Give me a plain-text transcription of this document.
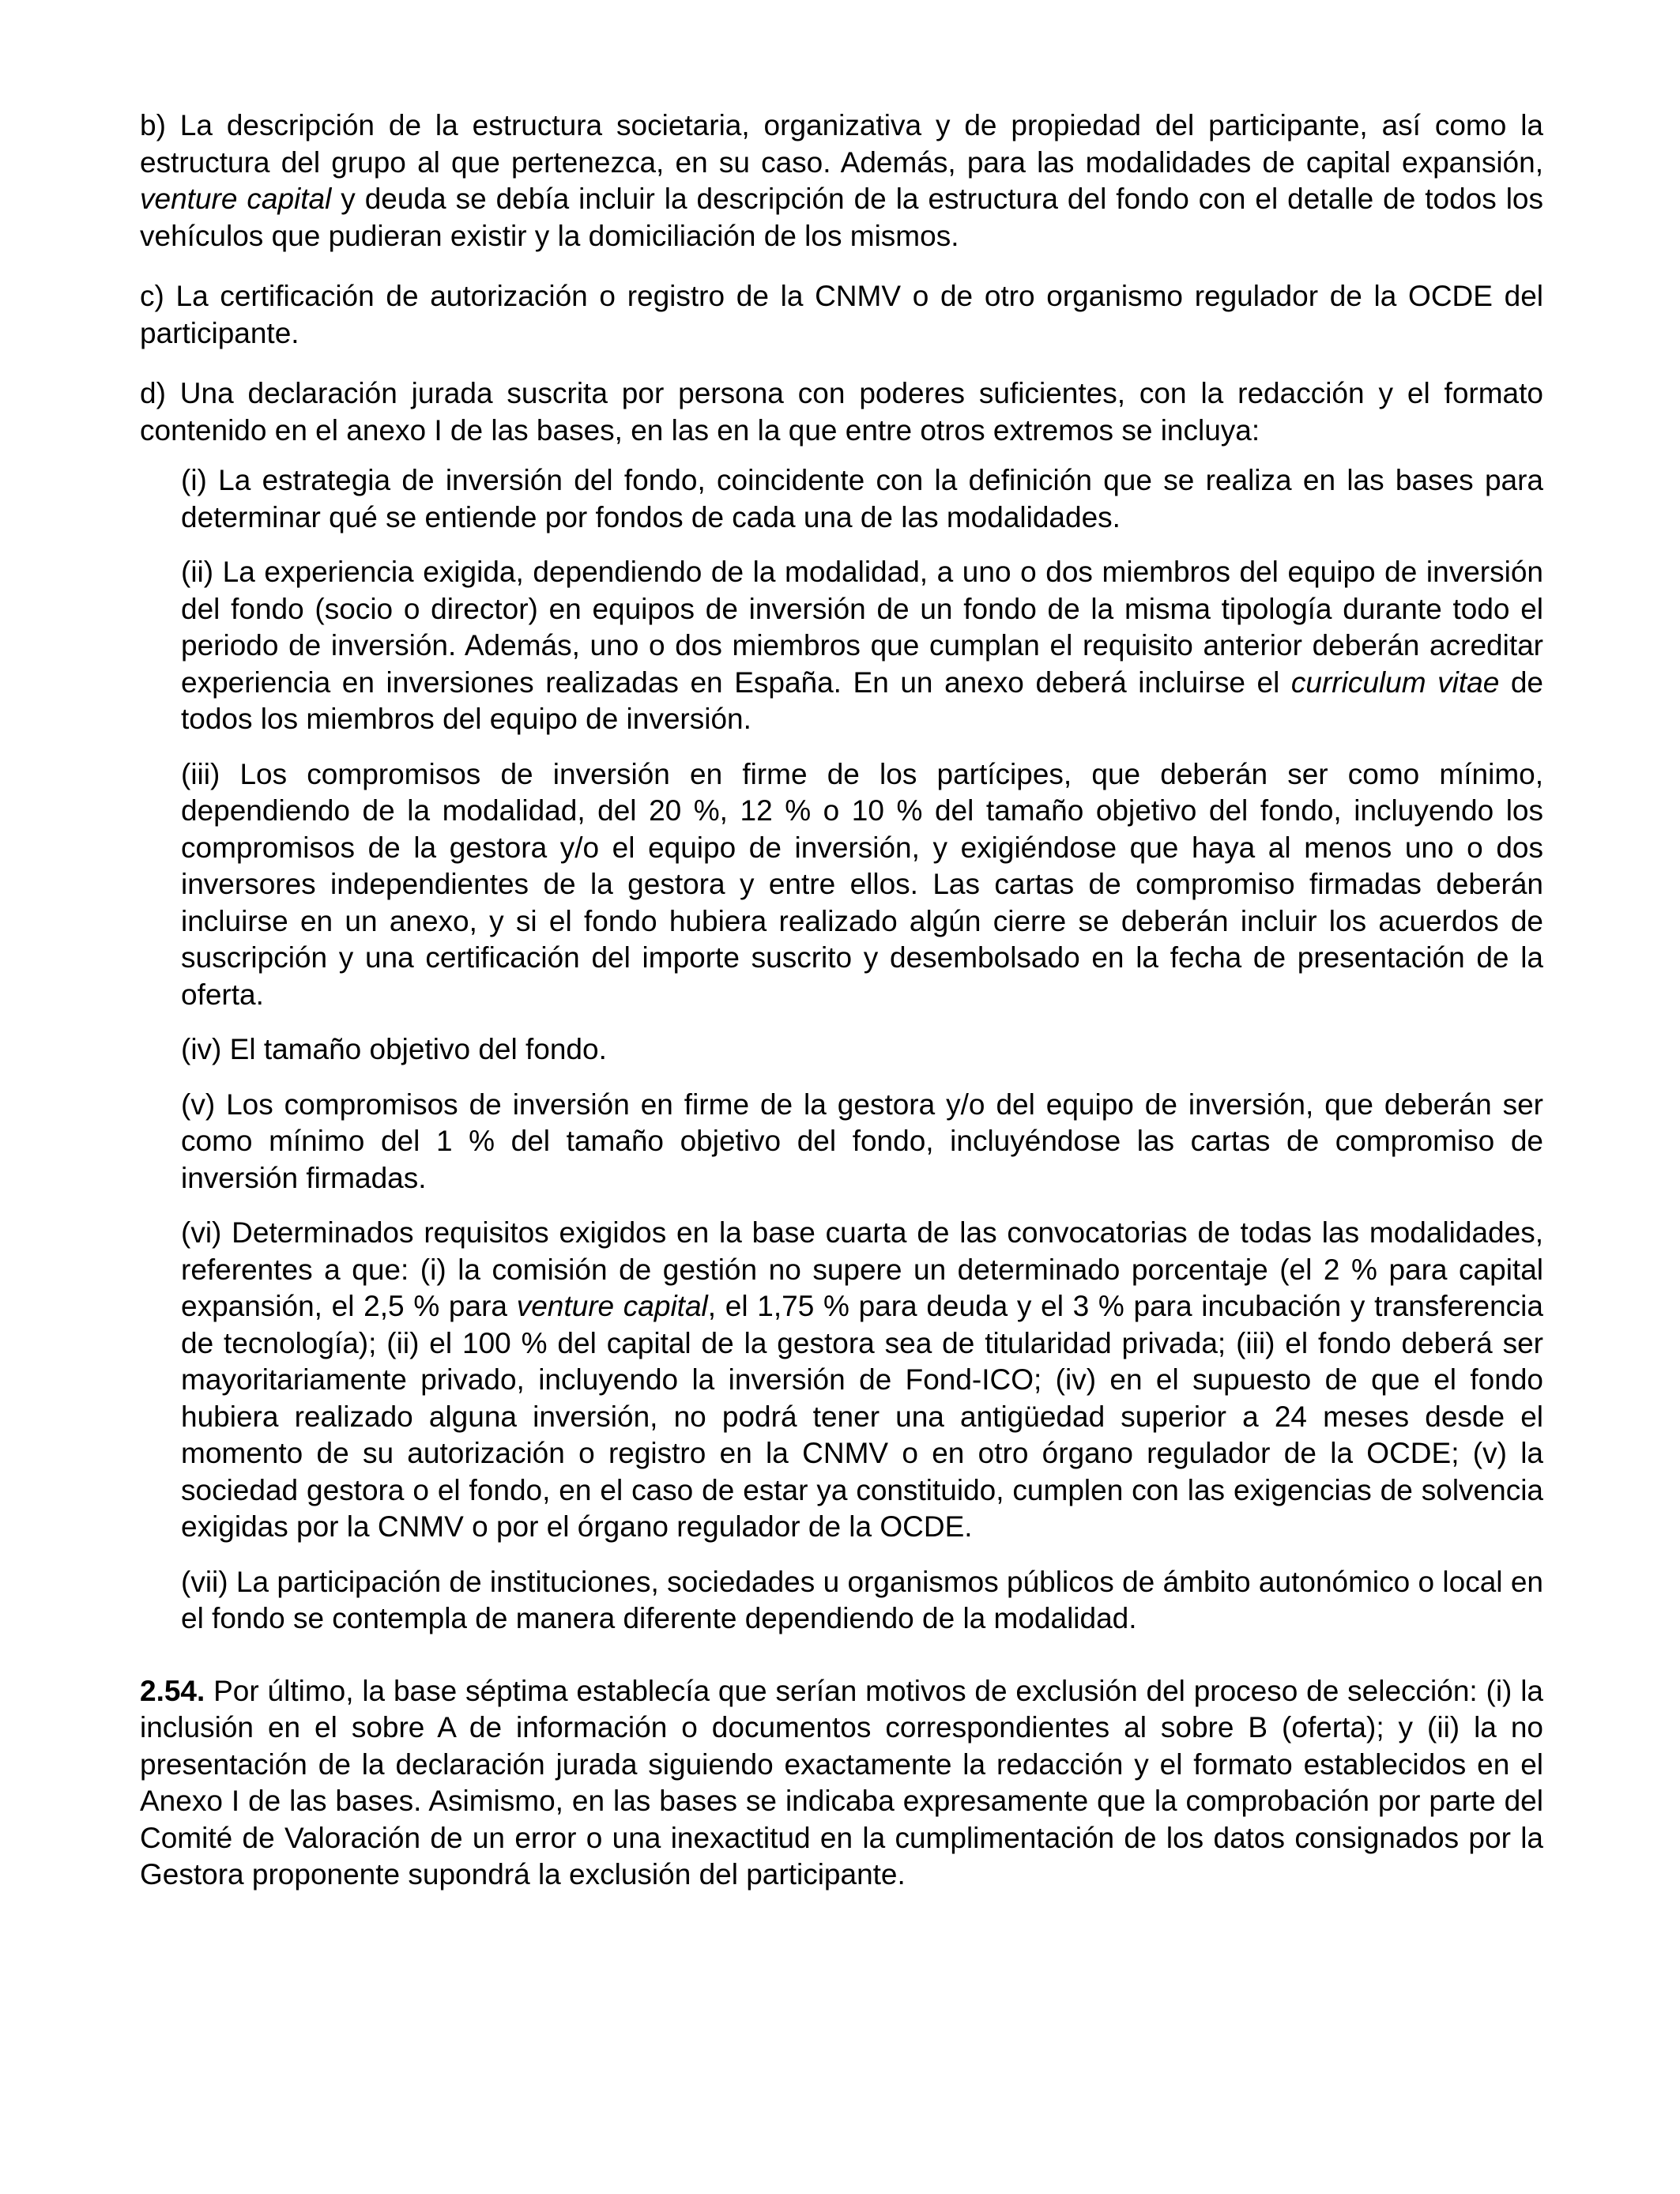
b) La descripción de la estructura societaria, organizativa y de propiedad del participante, así como la estructura del grupo al que pertenezca, en su caso. Además, para las modalidades de capital expansión, venture capital y deuda se debía incluir la descripción de la estructura del fondo con el detalle de todos los vehículos que pudieran existir y la domiciliación de los mismos.

c) La certificación de autorización o registro de la CNMV o de otro organismo regulador de la OCDE del participante.

d) Una declaración jurada suscrita por persona con poderes suficientes, con la redacción y el formato contenido en el anexo I de las bases, en las en la que entre otros extremos se incluya:

(i) La estrategia de inversión del fondo, coincidente con la definición que se realiza en las bases para determinar qué se entiende por fondos de cada una de las modalidades.

(ii) La experiencia exigida, dependiendo de la modalidad, a uno o dos miembros del equipo de inversión del fondo (socio o director) en equipos de inversión de un fondo de la misma tipología durante todo el periodo de inversión. Además, uno o dos miembros que cumplan el requisito anterior deberán acreditar experiencia en inversiones realizadas en España. En un anexo deberá incluirse el curriculum vitae de todos los miembros del equipo de inversión.

(iii) Los compromisos de inversión en firme de los partícipes, que deberán ser como mínimo, dependiendo de la modalidad, del 20 %, 12 % o 10 % del tamaño objetivo del fondo, incluyendo los compromisos de la gestora y/o el equipo de inversión, y exigiéndose que haya al menos uno o dos inversores independientes de la gestora y entre ellos. Las cartas de compromiso firmadas deberán incluirse en un anexo, y si el fondo hubiera realizado algún cierre se deberán incluir los acuerdos de suscripción y una certificación del importe suscrito y desembolsado en la fecha de presentación de la oferta.

(iv) El tamaño objetivo del fondo.

(v) Los compromisos de inversión en firme de la gestora y/o del equipo de inversión, que deberán ser como mínimo del 1 % del tamaño objetivo del fondo, incluyéndose las cartas de compromiso de inversión firmadas.

(vi) Determinados requisitos exigidos en la base cuarta de las convocatorias de todas las modalidades, referentes a que: (i) la comisión de gestión no supere un determinado porcentaje (el 2 % para capital expansión, el 2,5 % para venture capital, el 1,75 % para deuda y el 3 % para incubación y transferencia de tecnología); (ii) el 100 % del capital de la gestora sea de titularidad privada; (iii) el fondo deberá ser mayoritariamente privado, incluyendo la inversión de Fond-ICO; (iv) en el supuesto de que el fondo hubiera realizado alguna inversión, no podrá tener una antigüedad superior a 24 meses desde el momento de su autorización o registro en la CNMV o en otro órgano regulador de la OCDE; (v) la sociedad gestora o el fondo, en el caso de estar ya constituido, cumplen con las exigencias de solvencia exigidas por la CNMV o por el órgano regulador de la OCDE.

(vii) La participación de instituciones, sociedades u organismos públicos de ámbito autonómico o local en el fondo se contempla de manera diferente dependiendo de la modalidad.

2.54. Por último, la base séptima establecía que serían motivos de exclusión del proceso de selección: (i) la inclusión en el sobre A de información o documentos correspondientes al sobre B (oferta); y (ii) la no presentación de la declaración jurada siguiendo exactamente la redacción y el formato establecidos en el Anexo I de las bases. Asimismo, en las bases se indicaba expresamente que la comprobación por parte del Comité de Valoración de un error o una inexactitud en la cumplimentación de los datos consignados por la Gestora proponente supondrá la exclusión del participante.
